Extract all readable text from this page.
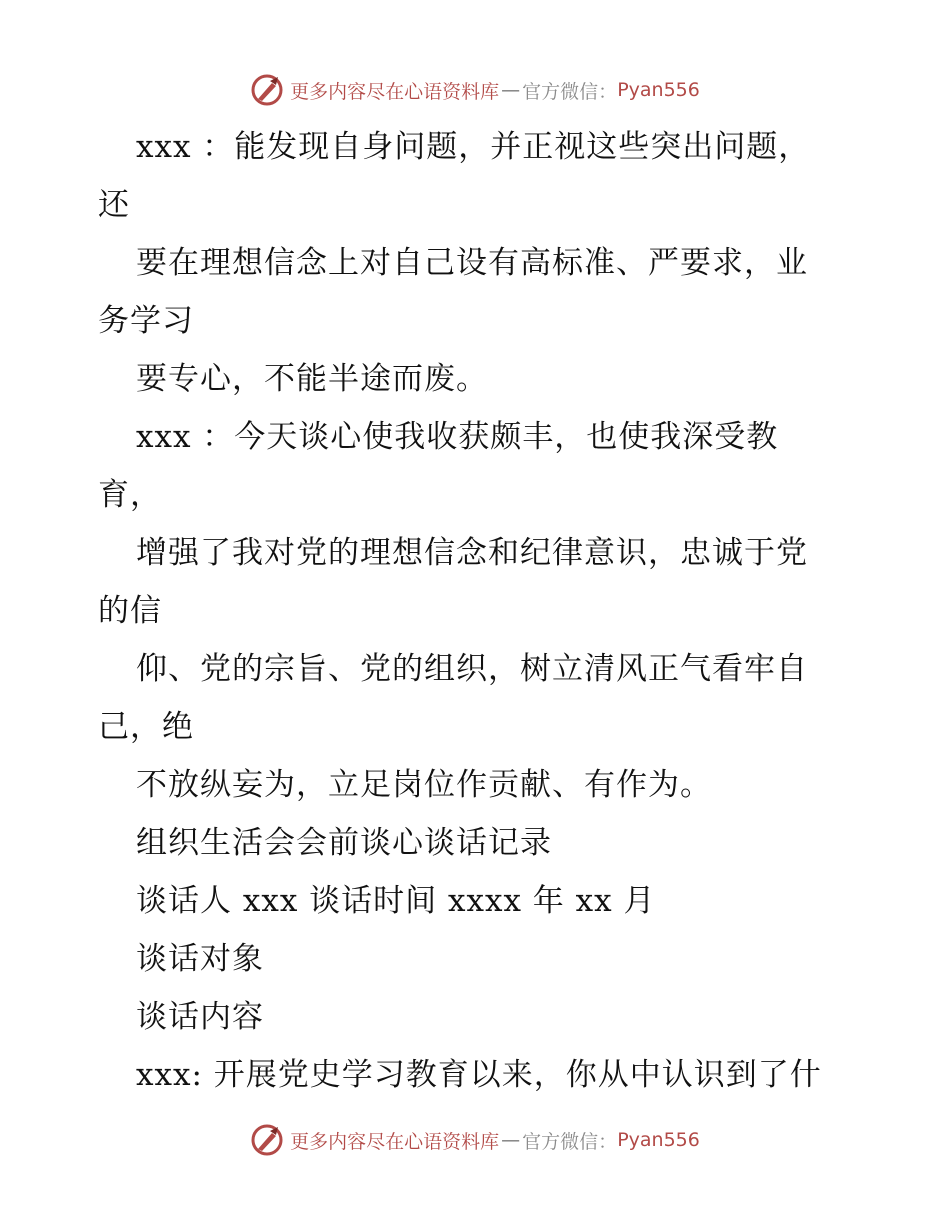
更多内容尽在心语资料库 — 官方微信： Pyan556
xxx ：能发现自身问题，并正视这些突出问题，
还
要在理想信念上对自己设有高标准、严要求，业
务学习
要专心，不能半途而废。
xxx ：今天谈心使我收获颇丰，也使我深受教
育，
增强了我对党的理想信念和纪律意识，忠诚于党
的信
仰、党的宗旨、党的组织，树立清风正气看牢自
己，绝
不放纵妄为，立足岗位作贡献、有作为。
组织生活会会前谈心谈话记录
谈话人 xxx 谈话时间 xxxx 年 xx 月
谈话对象
谈话内容
xxx: 开展党史学习教育以来，你从中认识到了什
更多内容尽在心语资料库 — 官方微信： Pyan556
